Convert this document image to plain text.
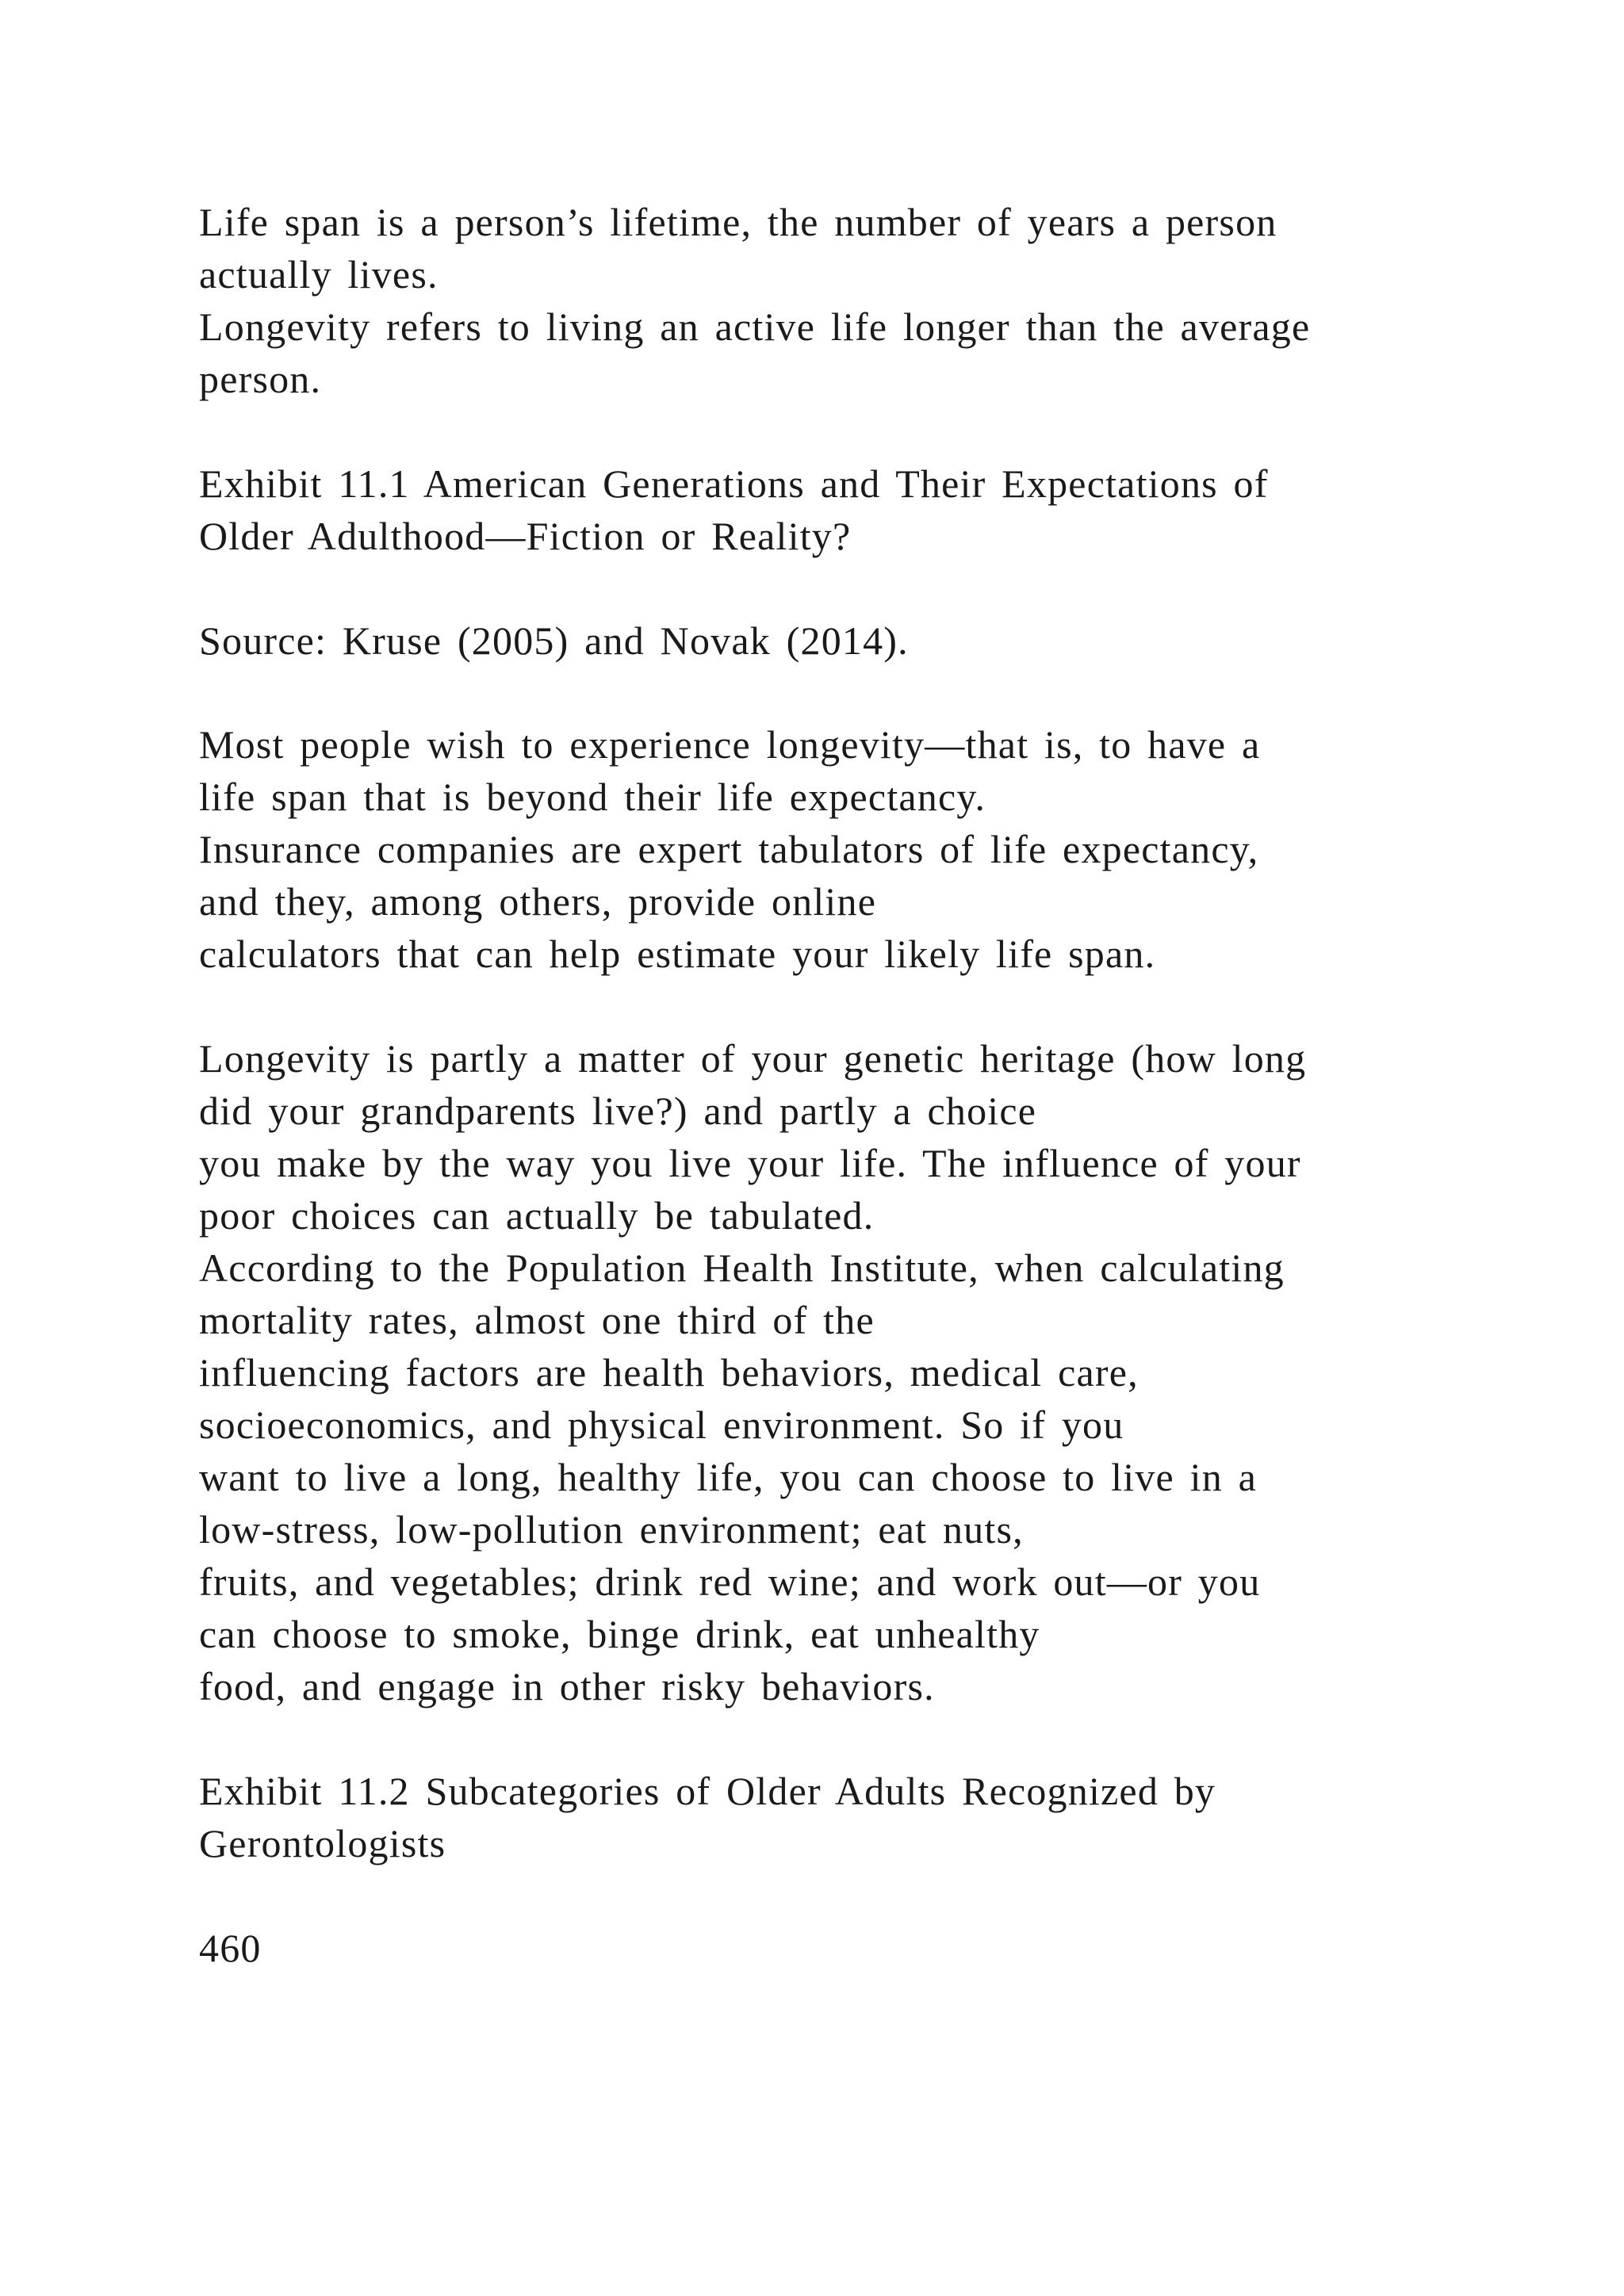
Life span is a person’s lifetime, the number of years a person
actually lives.
Longevity refers to living an active life longer than the average
person.
Exhibit 11.1 American Generations and Their Expectations of
Older Adulthood—Fiction or Reality?
Source: Kruse (2005) and Novak (2014).
Most people wish to experience longevity—that is, to have a
life span that is beyond their life expectancy.
Insurance companies are expert tabulators of life expectancy,
and they, among others, provide online
calculators that can help estimate your likely life span.
Longevity is partly a matter of your genetic heritage (how long
did your grandparents live?) and partly a choice
you make by the way you live your life. The influence of your
poor choices can actually be tabulated.
According to the Population Health Institute, when calculating
mortality rates, almost one third of the
influencing factors are health behaviors, medical care,
socioeconomics, and physical environment. So if you
want to live a long, healthy life, you can choose to live in a
low-stress, low-pollution environment; eat nuts,
fruits, and vegetables; drink red wine; and work out—or you
can choose to smoke, binge drink, eat unhealthy
food, and engage in other risky behaviors.
Exhibit 11.2 Subcategories of Older Adults Recognized by
Gerontologists
460
